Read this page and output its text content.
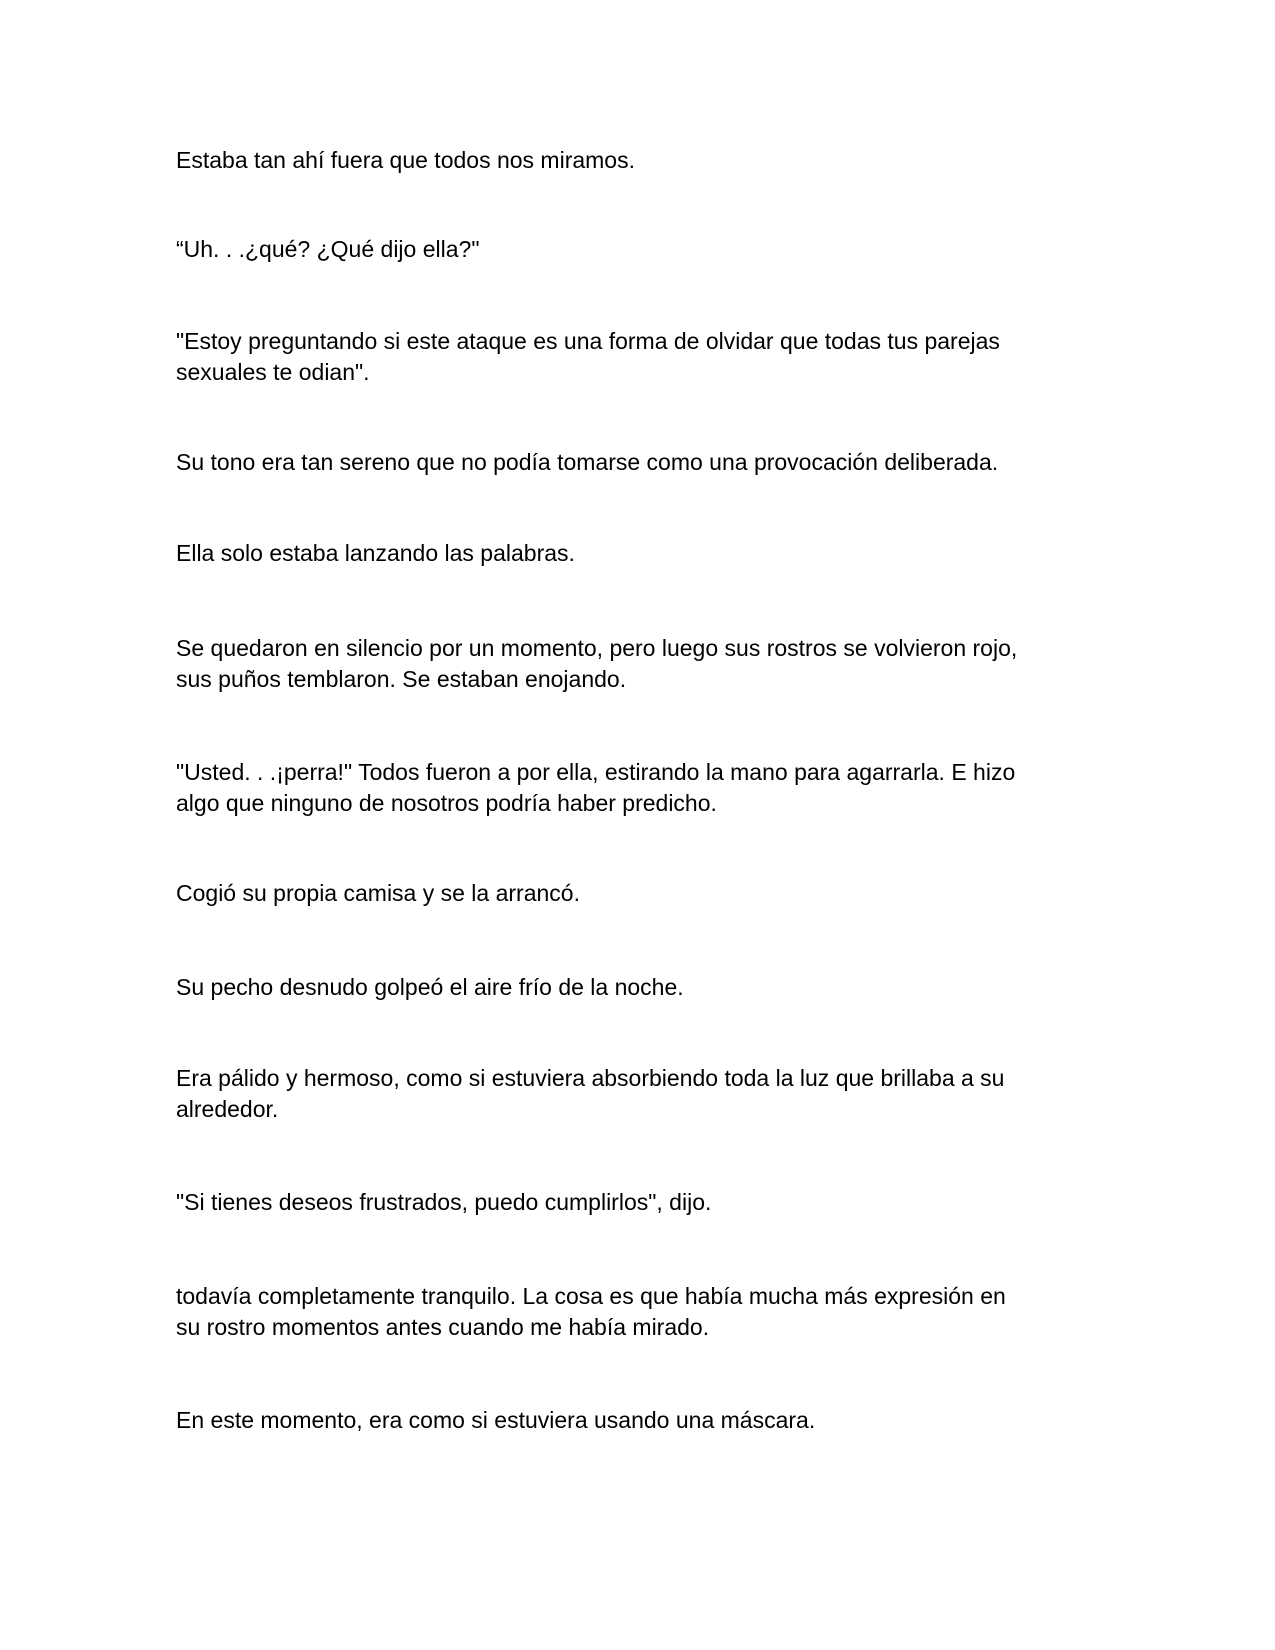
Estaba tan ahí fuera que todos nos miramos.

“Uh. . .¿qué? ¿Qué dijo ella?"

"Estoy preguntando si este ataque es una forma de olvidar que todas tus parejas
sexuales te odian".

Su tono era tan sereno que no podía tomarse como una provocación deliberada.

Ella solo estaba lanzando las palabras.

Se quedaron en silencio por un momento, pero luego sus rostros se volvieron rojo,
sus puños temblaron. Se estaban enojando.

"Usted. . .¡perra!" Todos fueron a por ella, estirando la mano para agarrarla. E hizo
algo que ninguno de nosotros podría haber predicho.

Cogió su propia camisa y se la arrancó.

Su pecho desnudo golpeó el aire frío de la noche.

Era pálido y hermoso, como si estuviera absorbiendo toda la luz que brillaba a su
alrededor.

"Si tienes deseos frustrados, puedo cumplirlos", dijo.

todavía completamente tranquilo. La cosa es que había mucha más expresión en
su rostro momentos antes cuando me había mirado.

En este momento, era como si estuviera usando una máscara.
